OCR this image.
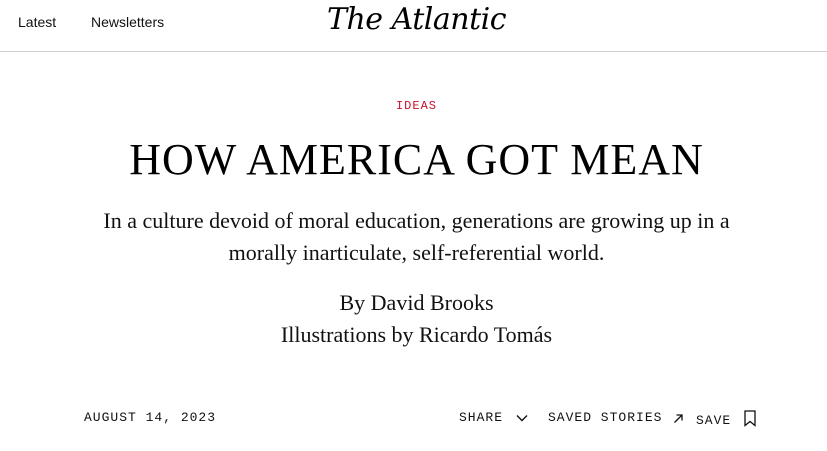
Latest Newsletters	The Atlantic
IDEAS
HOW AMERICA GOT MEAN

In a culture devoid of moral education, generations are growing up in a morally inarticulate, self-referential world.

By David Brooks
Illustrations by Ricardo Tomás
AUGUST 14, 2023	SHARE	SAVED STORIES	SAVE
